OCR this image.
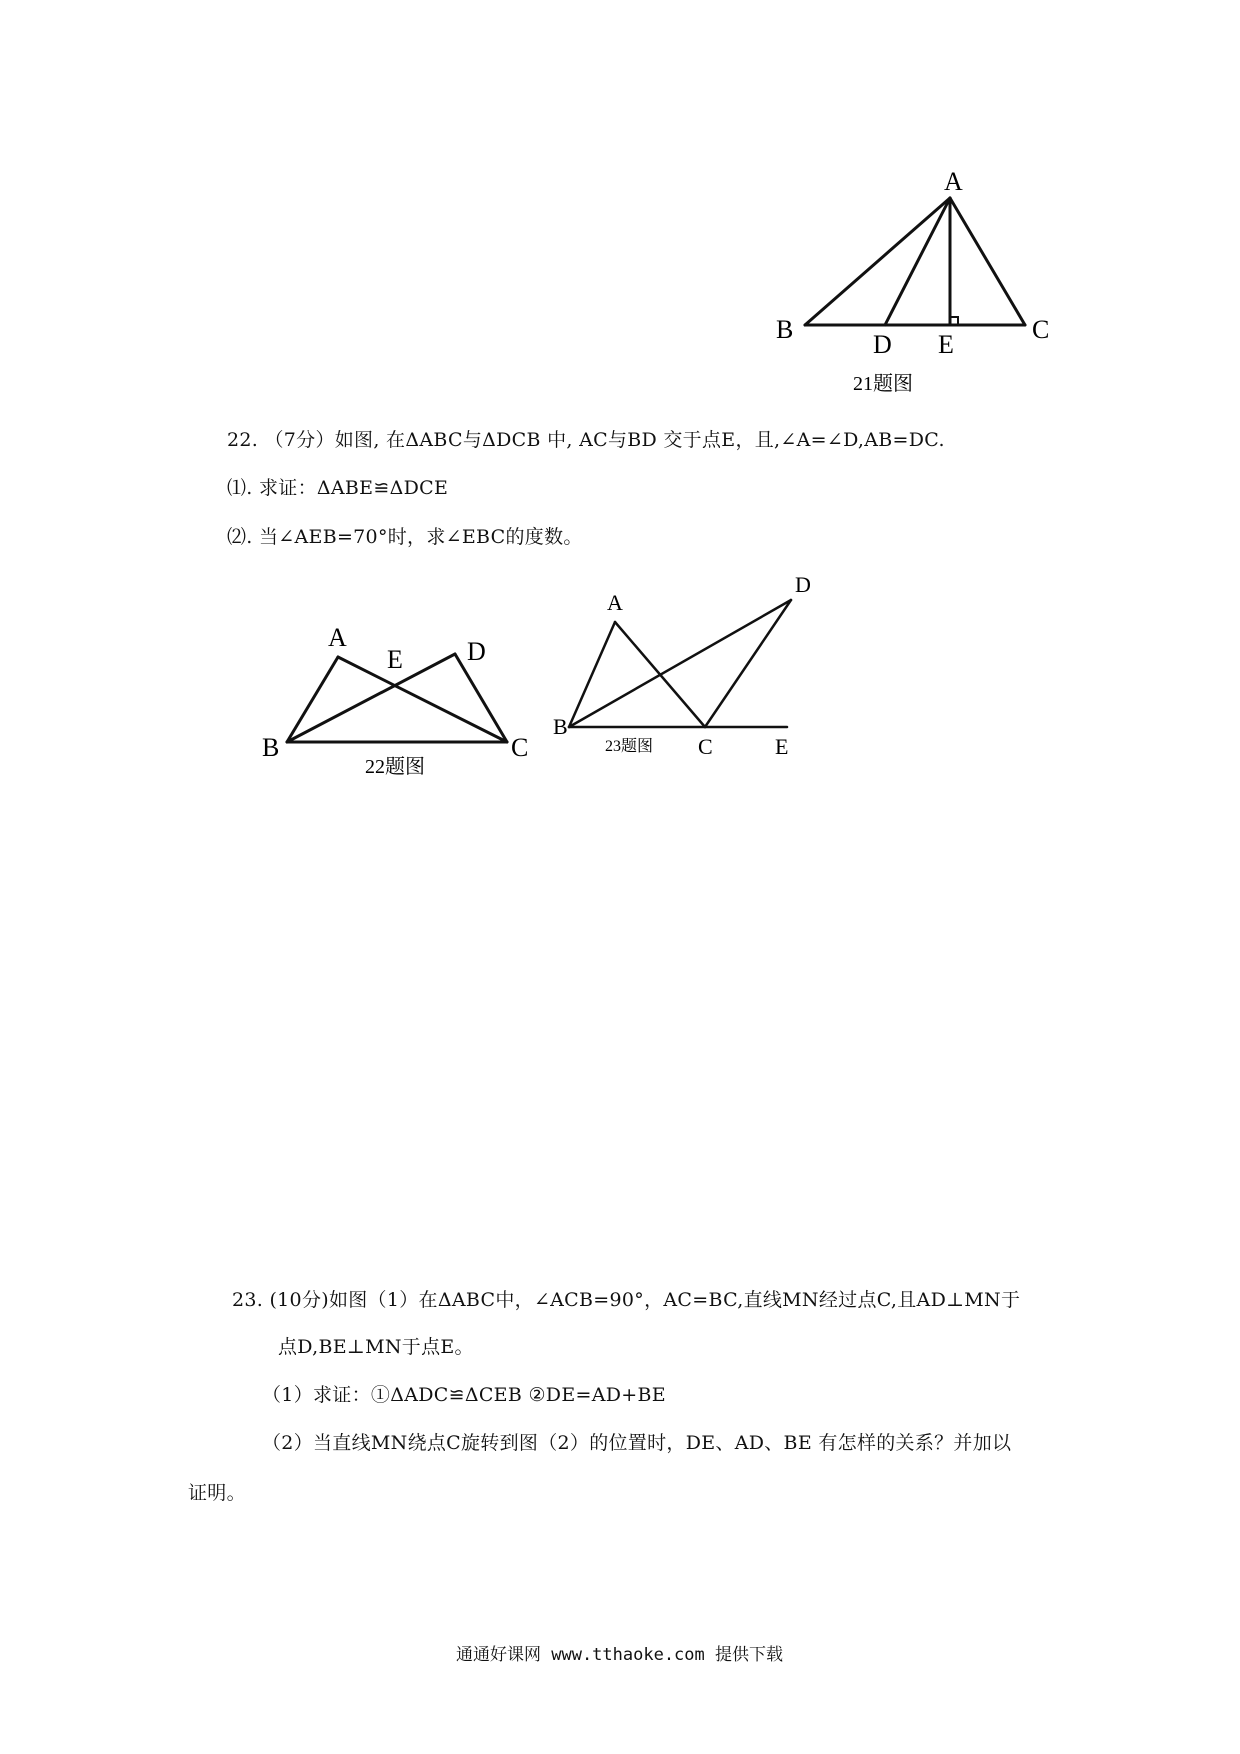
A
B	C
D E
21题图
22. （7分）如图, 在ΔABC与ΔDCB 中, AC与BD 交于点E，且,∠A=∠D,AB=DC.
⑴. 求证：ΔABE≌ΔDCE
⑵. 当∠AEB=70°时，求∠EBC的度数。
A
E D
B	C
22题图
A
D
B
C	E
23题图
23. (10分)如图（1）在ΔABC中，∠ACB=90°，AC=BC,直线MN经过点C,且AD⊥MN于
点D,BE⊥MN于点E。
（1）求证：①ΔADC≌ΔCEB ②DE=AD+BE
（2）当直线MN绕点C旋转到图（2）的位置时，DE、AD、BE 有怎样的关系？并加以
证明。
通通好课网 www.tthaoke.com 提供下载
